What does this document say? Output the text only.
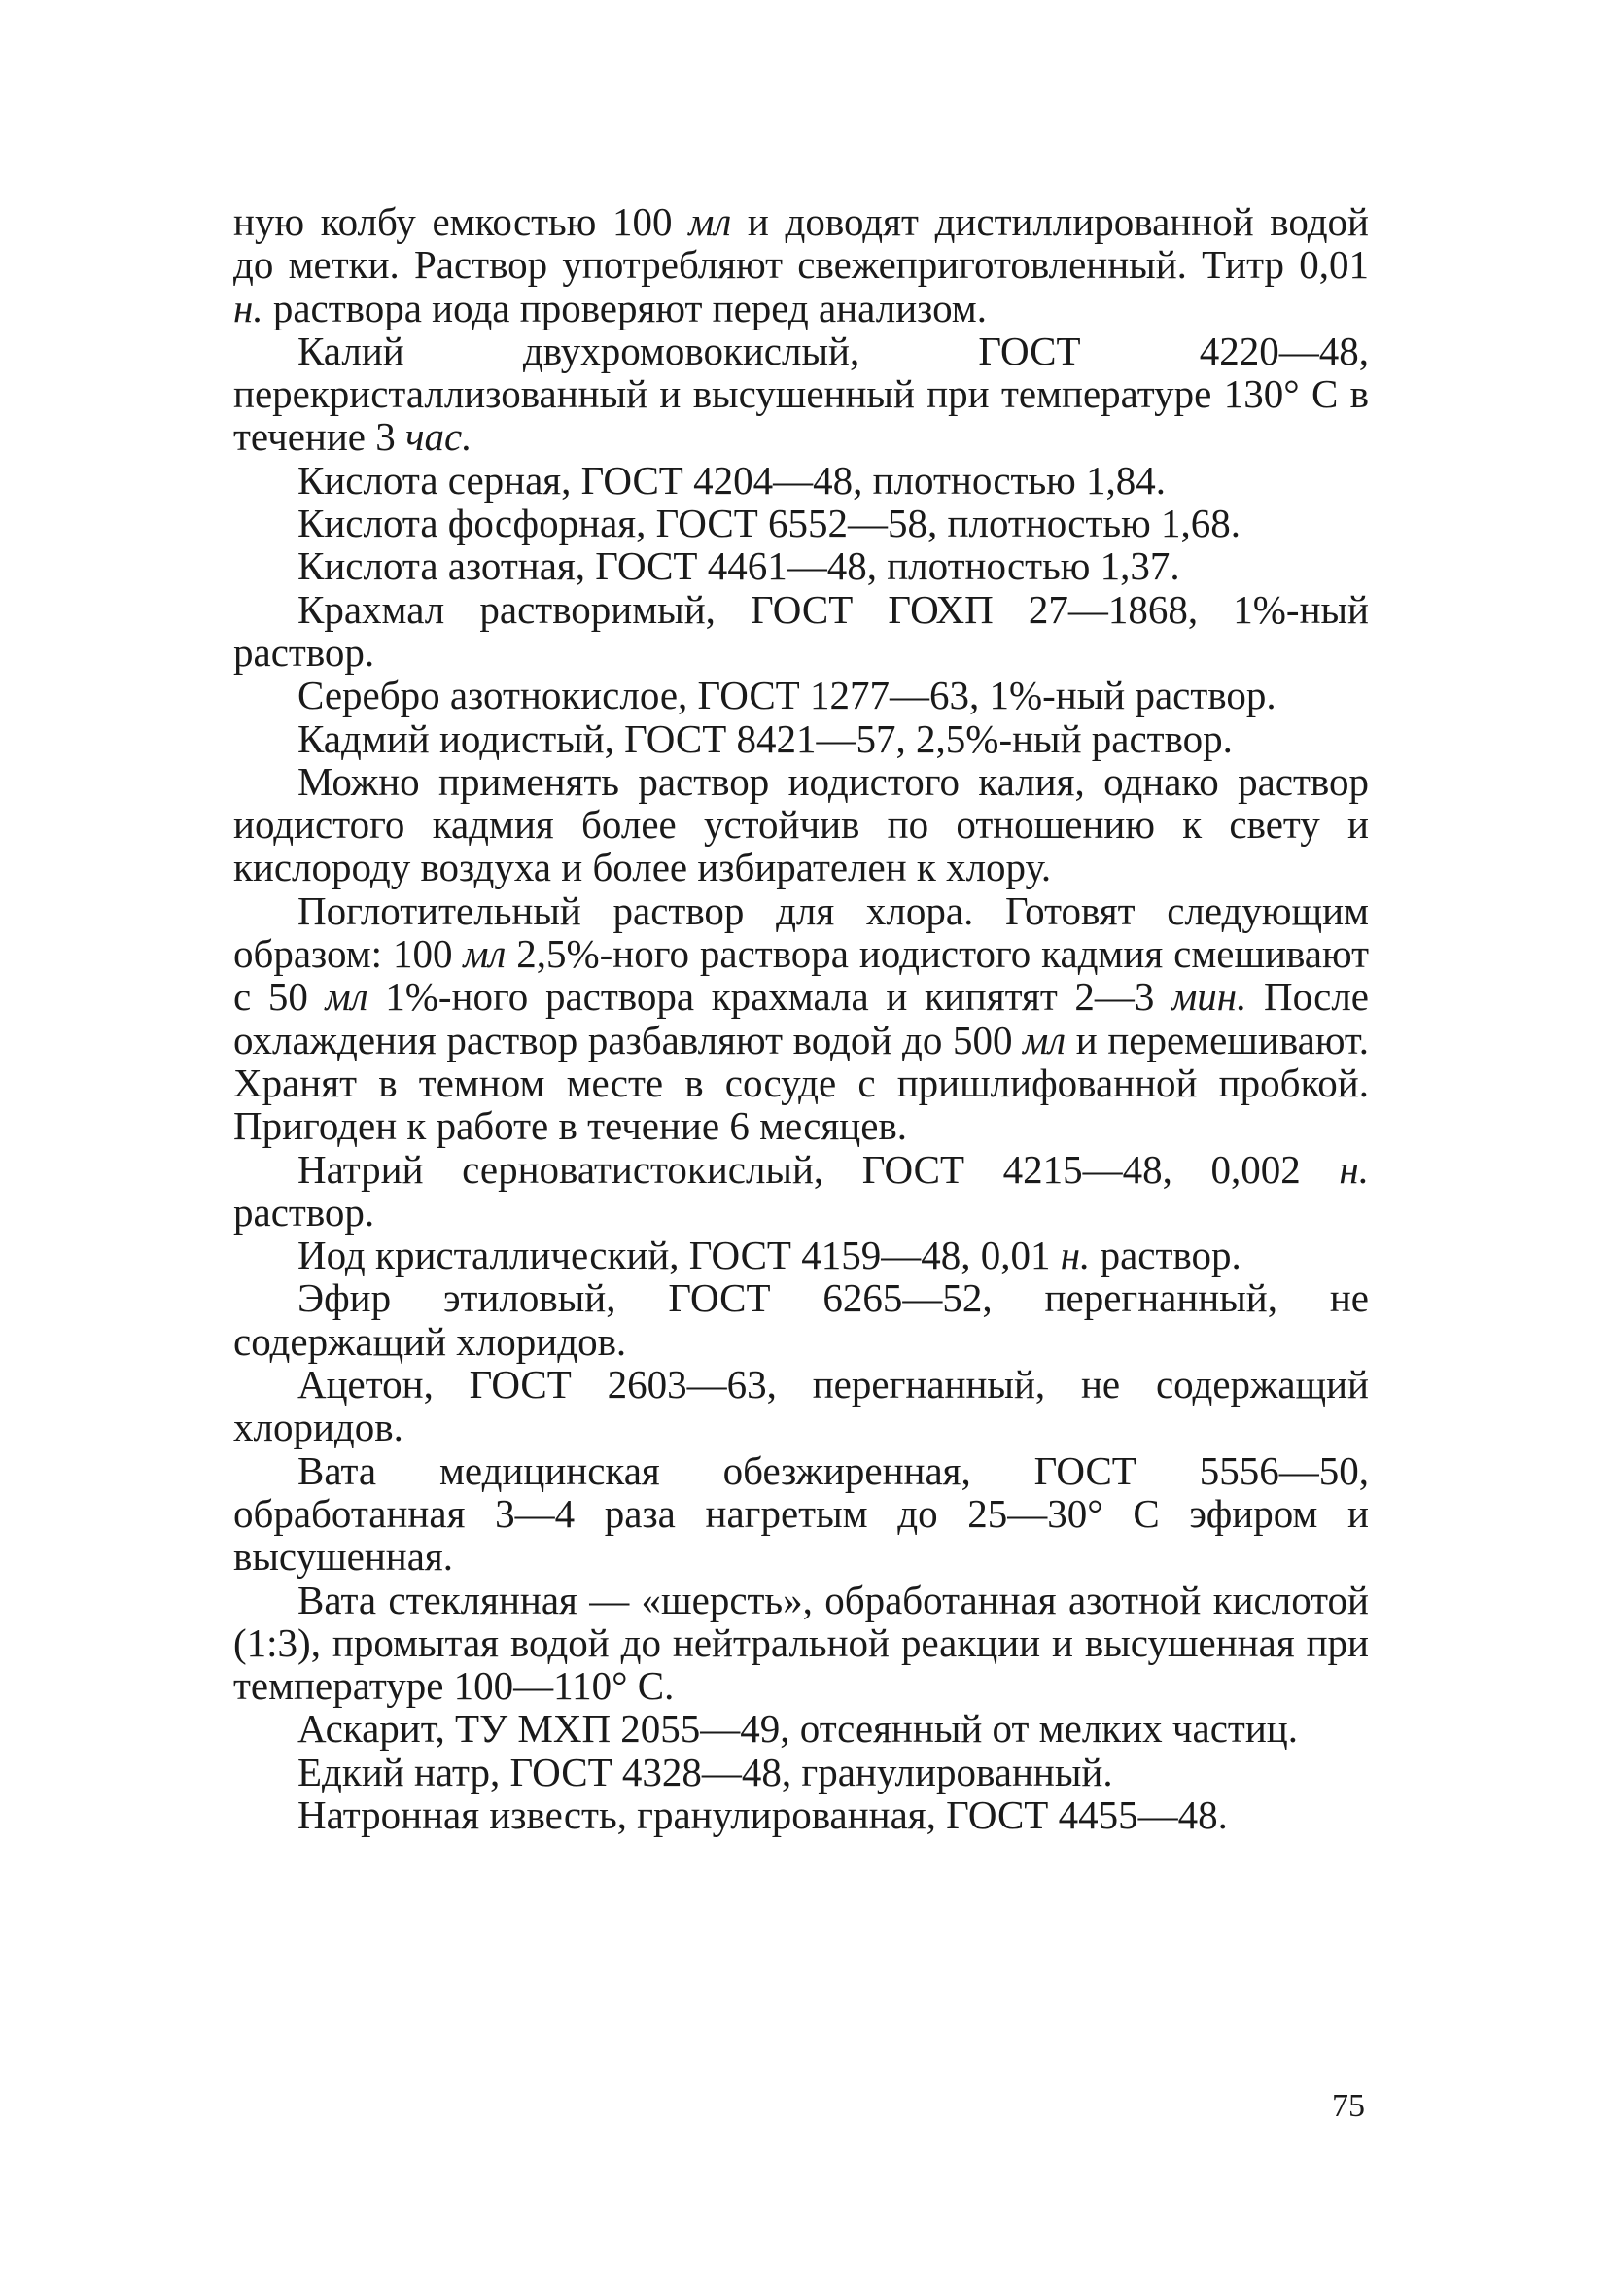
ную колбу емкостью 100 мл и доводят дистиллированной водой до метки. Раствор употребляют свежеприготовленный. Титр 0,01 н. раствора иода проверяют перед анализом.

Калий двухромовокислый, ГОСТ 4220—48, перекристаллизованный и высушенный при температуре 130° С в течение 3 час.

Кислота серная, ГОСТ 4204—48, плотностью 1,84.

Кислота фосфорная, ГОСТ 6552—58, плотностью 1,68.

Кислота азотная, ГОСТ 4461—48, плотностью 1,37.

Крахмал растворимый, ГОСТ ГОХП 27—1868, 1%-ный раствор.

Серебро азотнокислое, ГОСТ 1277—63, 1%-ный раствор.

Кадмий иодистый, ГОСТ 8421—57, 2,5%-ный раствор.

Можно применять раствор иодистого калия, однако раствор иодистого кадмия более устойчив по отношению к свету и кислороду воздуха и более избирателен к хлору.

Поглотительный раствор для хлора. Готовят следующим образом: 100 мл 2,5%-ного раствора иодистого кадмия смешивают с 50 мл 1%-ного раствора крахмала и кипятят 2—3 мин. После охлаждения раствор разбавляют водой до 500 мл и перемешивают. Хранят в темном месте в сосуде с пришлифованной пробкой. Пригоден к работе в течение 6 месяцев.

Натрий серноватистокислый, ГОСТ 4215—48, 0,002 н. раствор.

Иод кристаллический, ГОСТ 4159—48, 0,01 н. раствор.

Эфир этиловый, ГОСТ 6265—52, перегнанный, не содержащий хлоридов.

Ацетон, ГОСТ 2603—63, перегнанный, не содержащий хлоридов.

Вата медицинская обезжиренная, ГОСТ 5556—50, обработанная 3—4 раза нагретым до 25—30° С эфиром и высушенная.

Вата стеклянная — «шерсть», обработанная азотной кислотой (1:3), промытая водой до нейтральной реакции и высушенная при температуре 100—110° С.

Аскарит, ТУ МХП 2055—49, отсеянный от мелких частиц.

Едкий натр, ГОСТ 4328—48, гранулированный.

Натронная известь, гранулированная, ГОСТ 4455—48.

75
